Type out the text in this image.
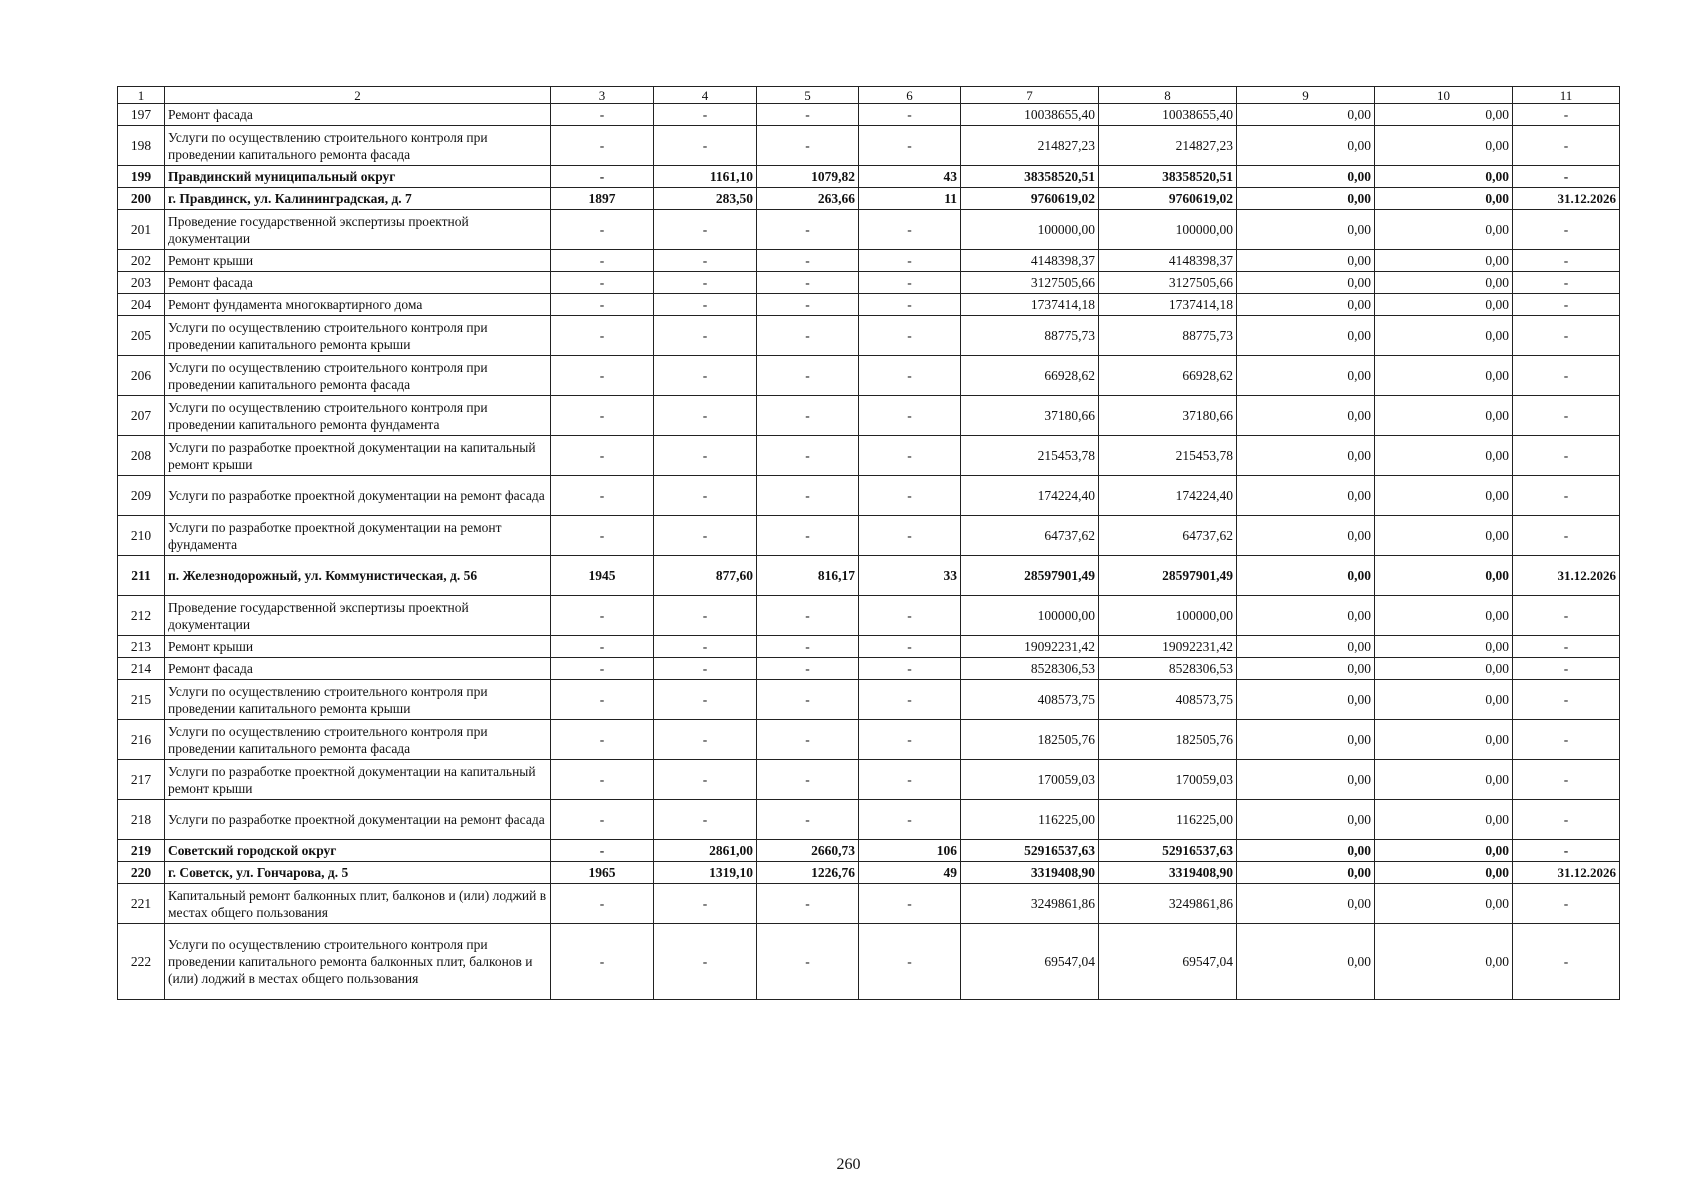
1	2	3	4	5	6	7	8	9	10	11
197	Ремонт фасада	-	-	-	-	10038655,40	10038655,40	0,00	0,00	-
198	Услуги по осуществлению строительного контроля при проведении капитального ремонта фасада	-	-	-	-	214827,23	214827,23	0,00	0,00	-
199	Правдинский муниципальный округ	-	1161,10	1079,82	43	38358520,51	38358520,51	0,00	0,00	-
200	г. Правдинск, ул. Калининградская, д. 7	1897	283,50	263,66	11	9760619,02	9760619,02	0,00	0,00	31.12.2026
201	Проведение государственной экспертизы проектной документации	-	-	-	-	100000,00	100000,00	0,00	0,00	-
202	Ремонт крыши	-	-	-	-	4148398,37	4148398,37	0,00	0,00	-
203	Ремонт фасада	-	-	-	-	3127505,66	3127505,66	0,00	0,00	-
204	Ремонт фундамента многоквартирного дома	-	-	-	-	1737414,18	1737414,18	0,00	0,00	-
205	Услуги по осуществлению строительного контроля при проведении капитального ремонта крыши	-	-	-	-	88775,73	88775,73	0,00	0,00	-
206	Услуги по осуществлению строительного контроля при проведении капитального ремонта фасада	-	-	-	-	66928,62	66928,62	0,00	0,00	-
207	Услуги по осуществлению строительного контроля при проведении капитального ремонта фундамента	-	-	-	-	37180,66	37180,66	0,00	0,00	-
208	Услуги по разработке проектной документации на капитальный ремонт крыши	-	-	-	-	215453,78	215453,78	0,00	0,00	-
209	Услуги по разработке проектной документации на ремонт фасада	-	-	-	-	174224,40	174224,40	0,00	0,00	-
210	Услуги по разработке проектной документации на ремонт фундамента	-	-	-	-	64737,62	64737,62	0,00	0,00	-
211	п. Железнодорожный, ул. Коммунистическая, д. 56	1945	877,60	816,17	33	28597901,49	28597901,49	0,00	0,00	31.12.2026
212	Проведение государственной экспертизы проектной документации	-	-	-	-	100000,00	100000,00	0,00	0,00	-
213	Ремонт крыши	-	-	-	-	19092231,42	19092231,42	0,00	0,00	-
214	Ремонт фасада	-	-	-	-	8528306,53	8528306,53	0,00	0,00	-
215	Услуги по осуществлению строительного контроля при проведении капитального ремонта крыши	-	-	-	-	408573,75	408573,75	0,00	0,00	-
216	Услуги по осуществлению строительного контроля при проведении капитального ремонта фасада	-	-	-	-	182505,76	182505,76	0,00	0,00	-
217	Услуги по разработке проектной документации на капитальный ремонт крыши	-	-	-	-	170059,03	170059,03	0,00	0,00	-
218	Услуги по разработке проектной документации на ремонт фасада	-	-	-	-	116225,00	116225,00	0,00	0,00	-
219	Советский городской округ	-	2861,00	2660,73	106	52916537,63	52916537,63	0,00	0,00	-
220	г. Советск, ул. Гончарова, д. 5	1965	1319,10	1226,76	49	3319408,90	3319408,90	0,00	0,00	31.12.2026
221	Капитальный ремонт балконных плит, балконов и (или) лоджий в местах общего пользования	-	-	-	-	3249861,86	3249861,86	0,00	0,00	-
222	Услуги по осуществлению строительного контроля при проведении капитального ремонта балконных плит, балконов и (или) лоджий в местах общего пользования	-	-	-	-	69547,04	69547,04	0,00	0,00	-
260
